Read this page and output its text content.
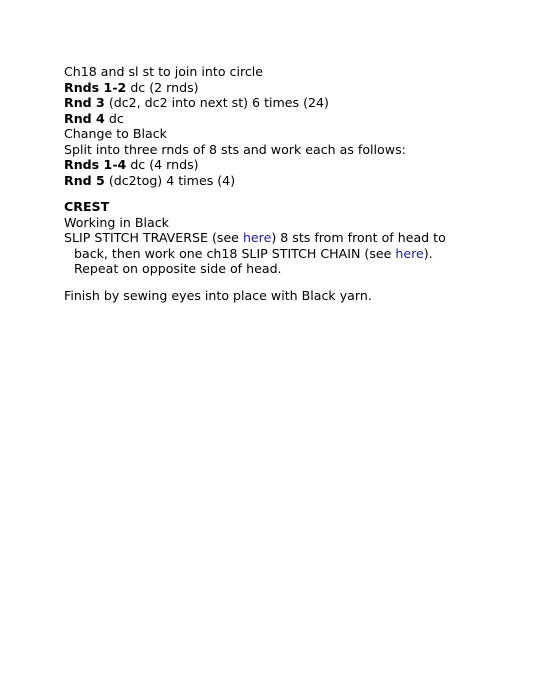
Ch18 and sl st to join into circle

Rnds 1-2 dc (2 rnds)

Rnd 3 (dc2, dc2 into next st) 6 times (24)

Rnd 4 dc

Change to Black

Split into three rnds of 8 sts and work each as follows:

Rnds 1-4 dc (4 rnds)

Rnd 5 (dc2tog) 4 times (4)

CREST

Working in Black

SLIP STITCH TRAVERSE (see here) 8 sts from front of head to

back, then work one ch18 SLIP STITCH CHAIN (see here).

Repeat on opposite side of head.

Finish by sewing eyes into place with Black yarn.
